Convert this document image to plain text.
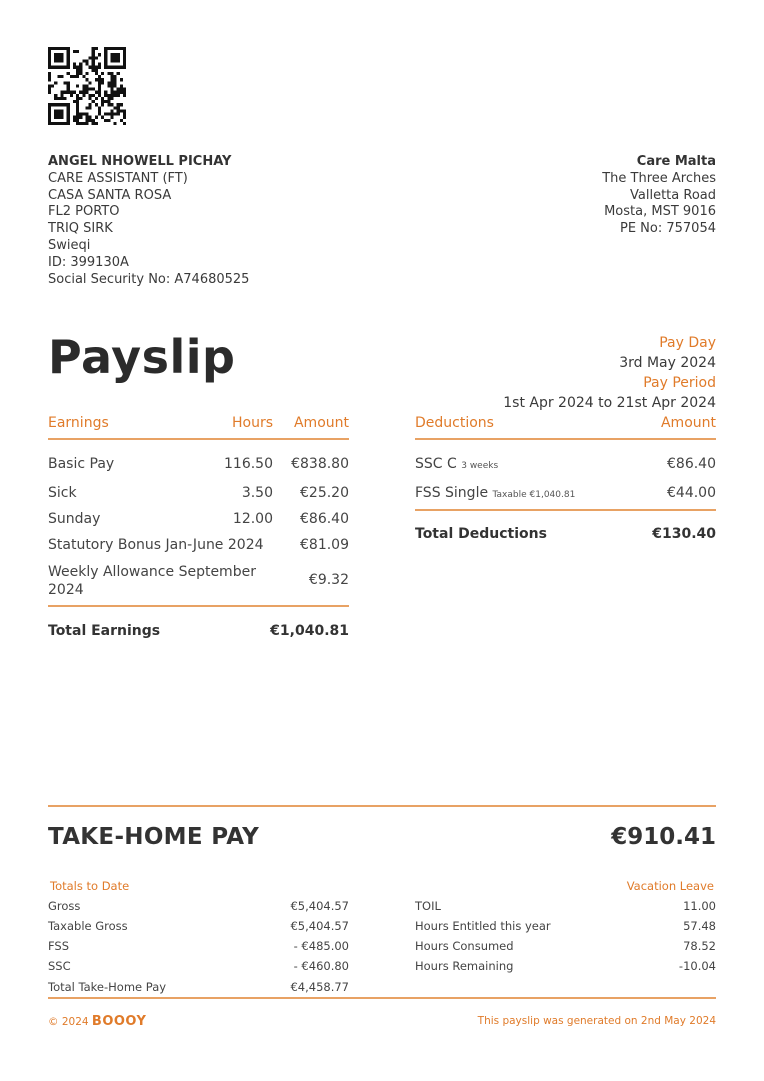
ANGEL NHOWELL PICHAY
CARE ASSISTANT (FT)
CASA SANTA ROSA
FL2 PORTO
TRIQ SIRK
Swieqi
ID: 399130A
Social Security No: A74680525
Care Malta
The Three Arches
Valletta Road
Mosta, MST 9016
PE No: 757054
Payslip	Pay Day
3rd May 2024
Pay Period
1st Apr 2024 to 21st Apr 2024
Earnings	Hours Amount
Basic Pay	116.50 €838.80
Sick	3.50 €25.20
Sunday	12.00 €86.40
Statutory Bonus Jan-June 2024	€81.09
Weekly Allowance September 2024
€9.32
Total Earnings	€1,040.81
Deductions	Amount
SSC C 3 weeks	€86.40
FSS Single Taxable €1,040.81	€44.00
Total Deductions	€130.40
TAKE-HOME PAY	€910.41
Totals to Date
Gross	€5,404.57
Taxable Gross	€5,404.57
FSS	- €485.00
SSC	- €460.80
Total Take-Home Pay	€4,458.77
Vacation Leave
TOIL	11.00
Hours Entitled this year	57.48
Hours Consumed	78.52
Hours Remaining	-10.04
© 2024 BOOOY	This payslip was generated on 2nd May 2024
